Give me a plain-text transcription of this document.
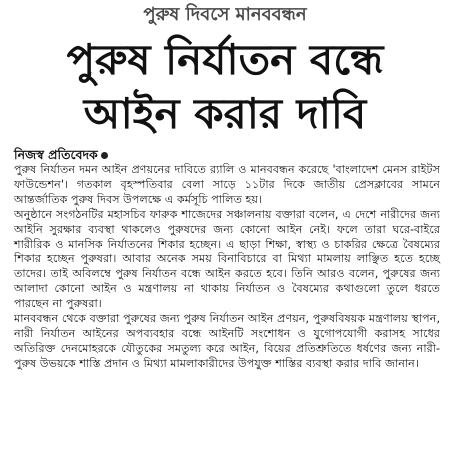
পুরুষ দিবসে মানববন্ধন
পুরুষ নির্যাতন বন্ধে
আইন করার দাবি
নিজস্ব প্রতিবেদক

পুরুষ নির্যাতন দমন আইন প্রণয়নের দাবিতে র‍্যালি ও মানববন্ধন করেছে 'বাংলাদেশ মেনস রাইটস ফাউন্ডেশন'। গতকাল বৃহস্পতিবার বেলা সাড়ে ১১টার দিকে জাতীয় প্রেসক্লাবের সামনে আন্তর্জাতিক পুরুষ দিবস উপলক্ষে এ কর্মসূচি পালিত হয়।

অনুষ্ঠানে সংগঠনটির মহাসচিব ফারুক শাজেদের সঞ্চালনায় বক্তারা বলেন, এ দেশে নারীদের জন্য আইনি সুরক্ষার ব্যবস্থা থাকলেও পুরুষদের জন্য কোনো আইন নেই। ফলে তারা ঘরে-বাইরে শারীরিক ও মানসিক নির্যাতনের শিকার হচ্ছেন। এ ছাড়া শিক্ষা, স্বাস্থ্য ও চাকরির ক্ষেত্রে বৈষম্যের শিকার হচ্ছেন পুরুষরা। আবার অনেক সময় বিনাবিচারে বা মিথ্যা মামলায় লাঞ্ছিত হতে হচ্ছে তাদের। তাই অবিলম্বে পুরুষ নির্যাতন বন্ধে আইন করতে হবে। তিনি আরও বলেন, পুরুষের জন্য আলাদা কোনো আইন ও মন্ত্রণালয় না থাকায় নির্যাতন ও বৈষম্যের কথাগুলো তুলে ধরতে পারছেন না পুরুষরা।

মানববন্ধন থেকে বক্তারা পুরুষের জন্য পুরুষ নির্যাতন আইন প্রণয়ন, পুরুষবিষয়ক মন্ত্রণালয় স্থাপন, নারী নির্যাতন আইনের অপব্যবহার বন্ধে আইনটি সংশোধন ও যুগোপযোগী করাসহ সাধের অতিরিক্ত দেনমোহরকে যৌতুকের সমতুল্য করে আইন, বিয়ের প্রতিশ্রুতিতে ধর্ষণের জন্য নারী-পুরুষ উভয়কে শাস্তি প্রদান ও মিথ্যা মামলাকারীদের উপযুক্ত শাস্তির ব্যবস্থা করার দাবি জানান।
